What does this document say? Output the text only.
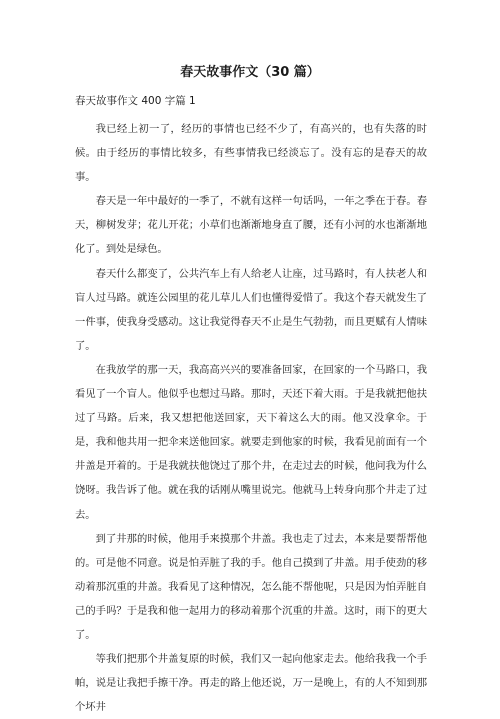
春天故事作文（30 篇）
春天故事作文 400 字篇 1

我已经上初一了，经历的事情也已经不少了，有高兴的，也有失落的时候。由于经历的事情比较多，有些事情我已经淡忘了。没有忘的是春天的故事。

春天是一年中最好的一季了，不就有这样一句话吗，一年之季在于春。春天，柳树发芽；花儿开花；小草们也渐渐地身直了腰，还有小河的水也渐渐地化了。到处是绿色。

春天什么都变了，公共汽车上有人给老人让座，过马路时，有人扶老人和盲人过马路。就连公园里的花儿草儿人们也懂得爱惜了。我这个春天就发生了一件事，使我身受感动。这让我觉得春天不止是生气勃勃，而且更赋有人情味了。

在我放学的那一天，我高高兴兴的要准备回家，在回家的一个马路口，我看见了一个盲人。他似乎也想过马路。那时，天还下着大雨。于是我就把他扶过了马路。后来，我又想把他送回家，天下着这么大的雨。他又没拿伞。于是，我和他共用一把伞来送他回家。就要走到他家的时候，我看见前面有一个井盖是开着的。于是我就扶他饶过了那个井，在走过去的时候，他问我为什么饶呀。我告诉了他。就在我的话刚从嘴里说完。他就马上转身向那个井走了过去。

到了井那的时候，他用手来摸那个井盖。我也走了过去，本来是要帮帮他的。可是他不同意。说是怕弄脏了我的手。他自己摸到了井盖。用手使劲的移动着那沉重的井盖。我看见了这种情况，怎么能不帮他呢，只是因为怕弄脏自己的手吗？于是我和他一起用力的移动着那个沉重的井盖。这时，雨下的更大了。

等我们把那个井盖复原的时候，我们又一起向他家走去。他给我我一个手帕，说是让我把手擦干净。再走的路上他还说，万一是晚上，有的人不知到那个坏井
